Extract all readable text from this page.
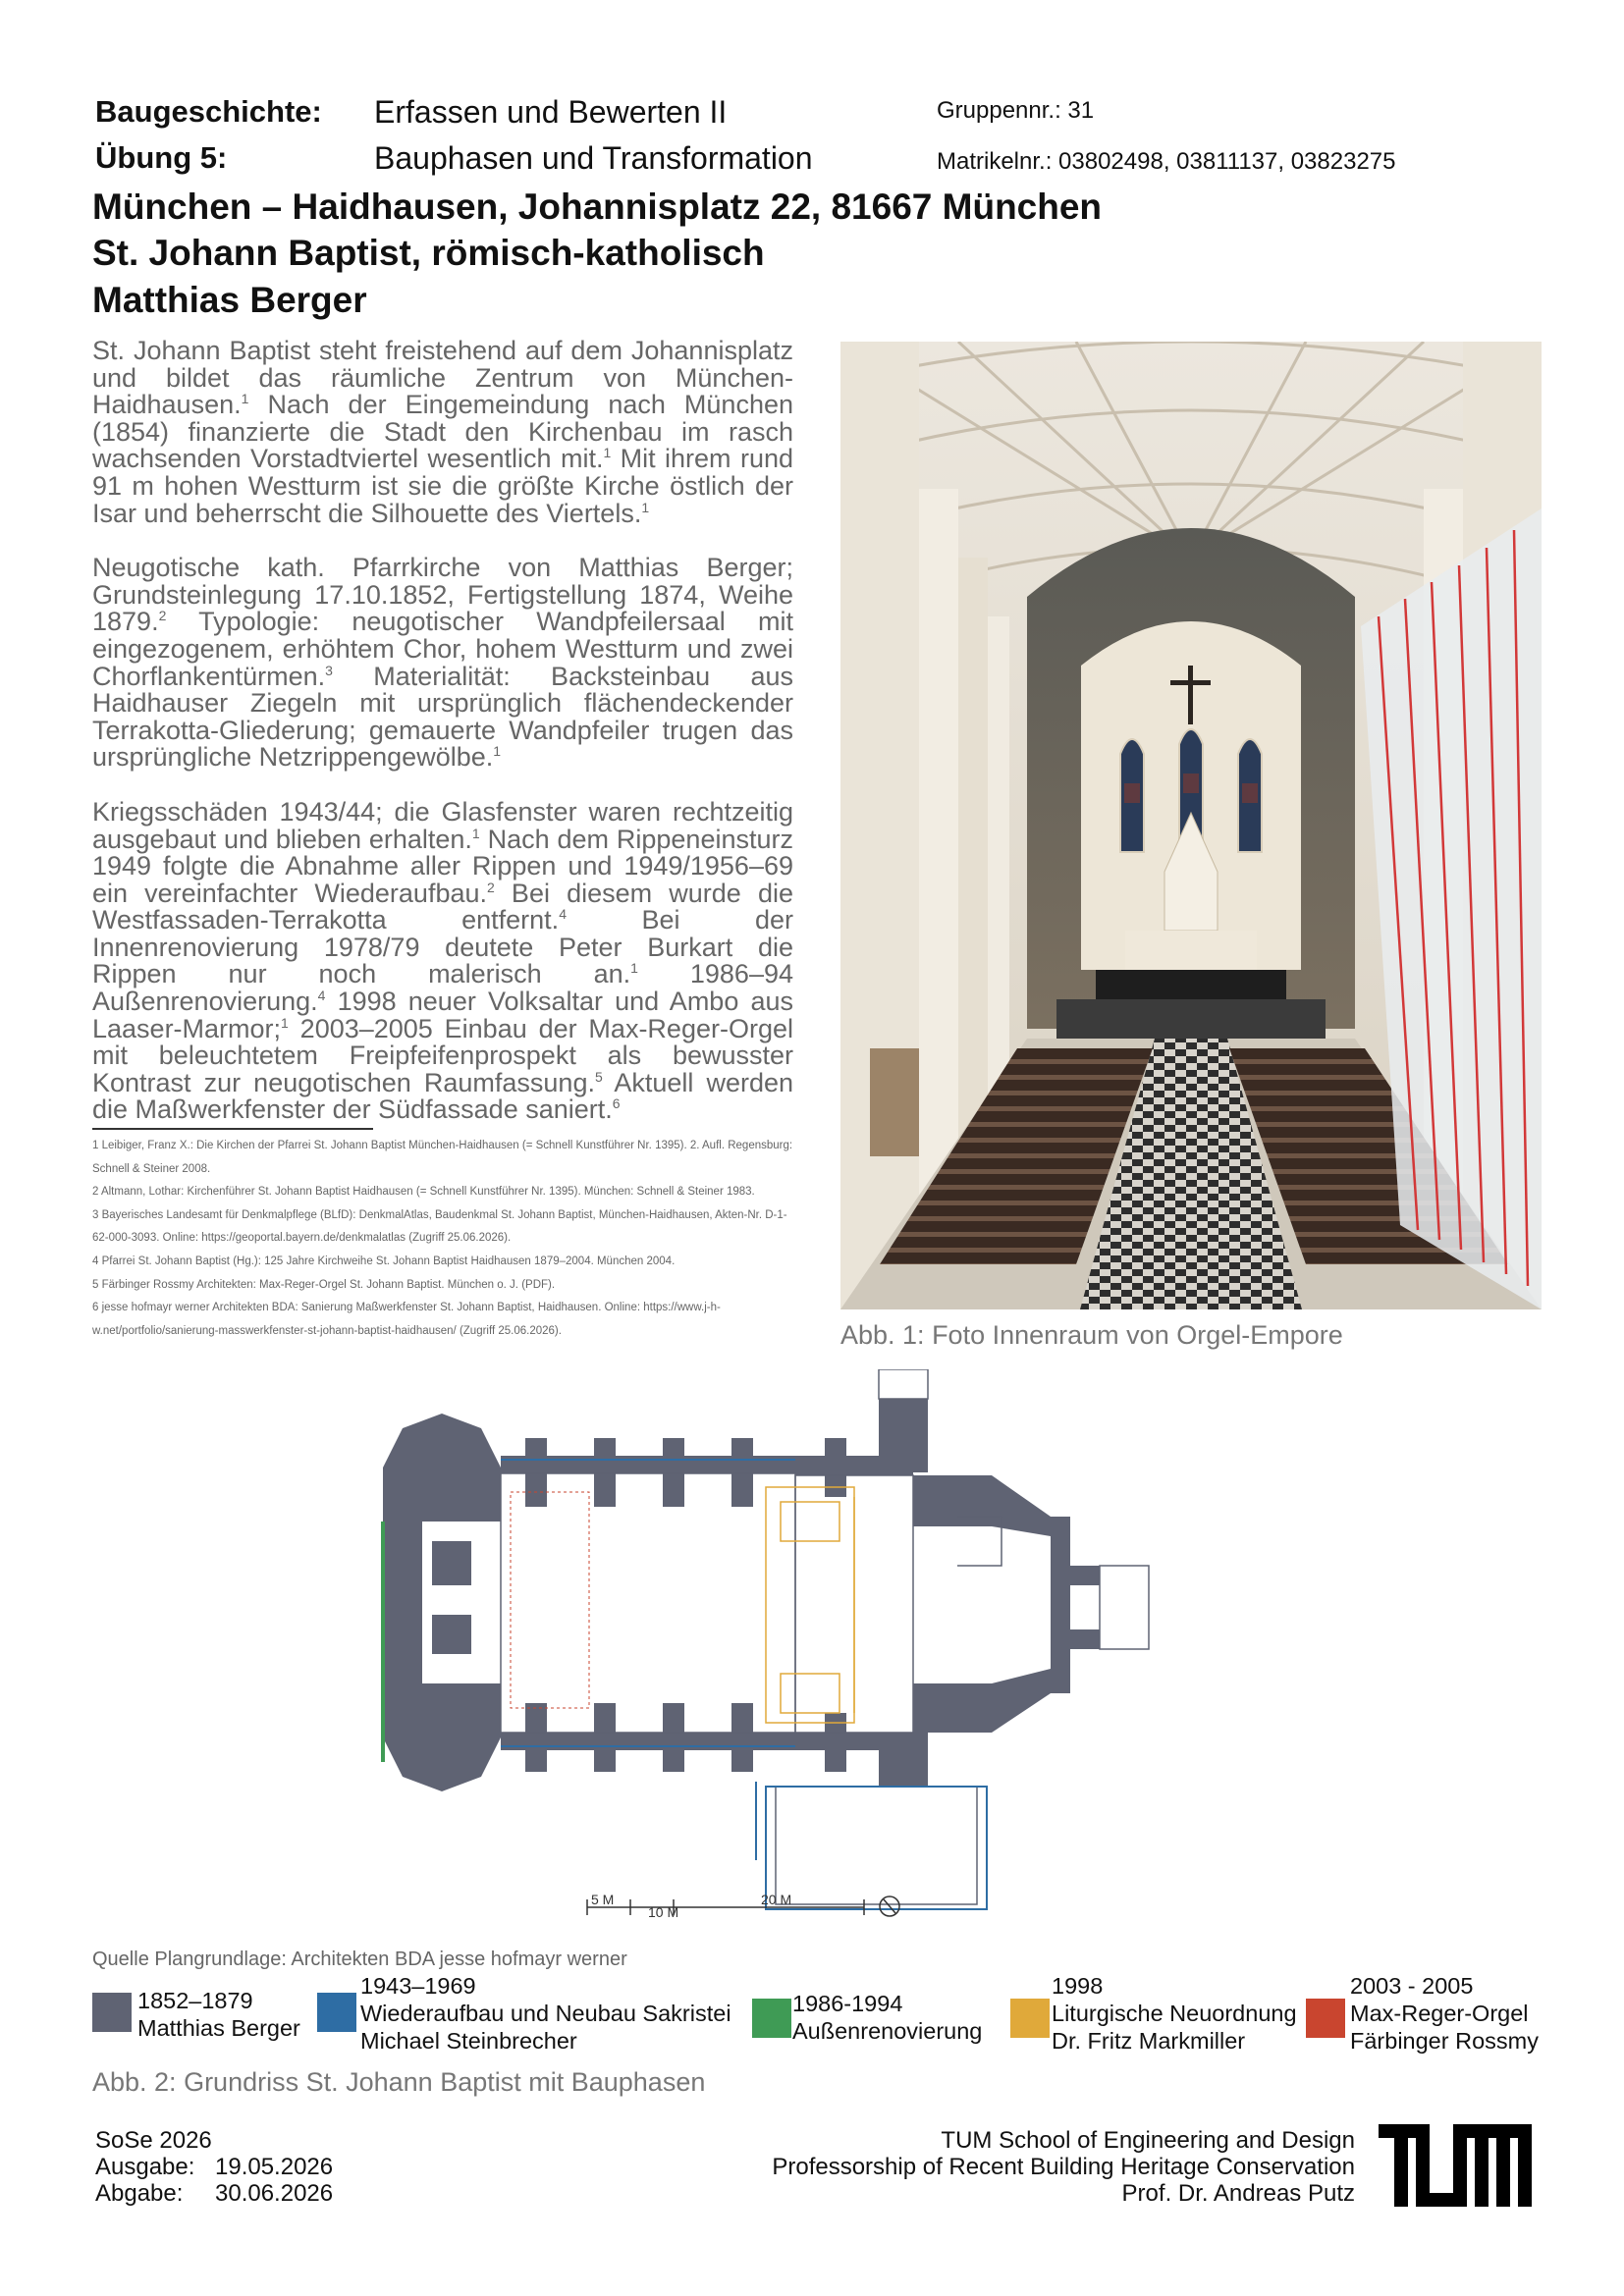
Baugeschichte: Erfassen und Bewerten II
Übung 5:	Bauphasen und Transformation
Gruppennr.: 31
Matrikelnr.: 03802498, 03811137, 03823275
München – Haidhausen, Johannisplatz 22, 81667 München
St. Johann Baptist, römisch-katholisch
Matthias Berger

St. Johann Baptist steht freistehend auf dem Johannisplatz und bildet das räumliche Zentrum von München-Haidhausen.$^1$ Nach der Eingemeindung nach München (1854) finanzierte die Stadt den Kirchenbau im rasch wachsenden Vorstadtviertel wesentlich mit.$^1$ Mit ihrem rund 91 m hohen Westturm ist sie die größte Kirche östlich der Isar und beherrscht die Silhouette des Viertels.$^1$

Neugotische kath. Pfarrkirche von Matthias Berger; Grundsteinlegung 17.10.1852, Fertigstellung 1874, Weihe 1879.$^2$ Typologie: neugotischer Wandpfeilersaal mit eingezogenem, erhöhtem Chor, hohem Westturm und zwei Chorflankentürmen.$^3$ Materialität: Backsteinbau aus Haidhauser Ziegeln mit ursprünglich flächendeckender Terrakotta-Gliederung; gemauerte Wandpfeiler trugen das ursprüngliche Netzrippengewölbe.$^1$

Kriegsschäden 1943/44; die Glasfenster waren rechtzeitig ausgebaut und blieben erhalten.$^1$ Nach dem Rippeneinsturz 1949 folgte die Abnahme aller Rippen und 1949/1956–69 ein vereinfachter Wiederaufbau.$^2$ Bei diesem wurde die Westfassaden-Terrakotta entfernt.$^4$ Bei der Innenrenovierung 1978/79 deutete Peter Burkart die Rippen nur noch malerisch an.$^1$ 1986–94 Außenrenovierung.$^4$ 1998 neuer Volksaltar und Ambo aus Laaser-Marmor;$^1$ 2003–2005 Einbau der Max-Reger-Orgel mit beleuchtetem Freipfeifenprospekt als bewusster Kontrast zur neugotischen Raumfassung.$^5$ Aktuell werden die Maßwerkfenster der Südfassade saniert.$^6$

1 Leibiger, Franz X.: Die Kirchen der Pfarrei St. Johann Baptist München-Haidhausen (= Schnell Kunstführer Nr. 1395). 2. Aufl. Regensburg: Schnell & Steiner 2008.
2 Altmann, Lothar: Kirchenführer St. Johann Baptist Haidhausen (= Schnell Kunstführer Nr. 1395). München: Schnell & Steiner 1983.
3 Bayerisches Landesamt für Denkmalpflege (BLfD): DenkmalAtlas, Baudenkmal St. Johann Baptist, München-Haidhausen, Akten-Nr. D-1-62-000-3093. Online: https://geoportal.bayern.de/denkmalatlas (Zugriff 25.06.2026).
4 Pfarrei St. Johann Baptist (Hg.): 125 Jahre Kirchweihe St. Johann Baptist Haidhausen 1879–2004. München 2004.
5 Färbinger Rossmy Architekten: Max-Reger-Orgel St. Johann Baptist. München o. J. (PDF).
6 jesse hofmayr werner Architekten BDA: Sanierung Maßwerkfenster St. Johann Baptist, Haidhausen. Online: https://www.j-h-w.net/portfolio/sanierung-masswerkfenster-st-johann-baptist-haidhausen/ (Zugriff 25.06.2026).	Abb. 1: Foto Innenraum von Orgel-Empore
5 M
10 M
20 M
Quelle Plangrundlage: Architekten BDA jesse hofmayr werner
1852–1879
Matthias Berger
1943–1969
Wiederaufbau und Neubau Sakristei
Michael Steinbrecher
1986-1994
Außenrenovierung
1998
Liturgische Neuordnung
Dr. Fritz Markmiller
2003 - 2005
Max-Reger-Orgel
Färbinger Rossmy
Abb. 2: Grundriss St. Johann Baptist mit Bauphasen
SoSe 2026
Ausgabe: 19.05.2026
Abgabe: 30.06.2026
TUM School of Engineering and Design
Professorship of Recent Building Heritage Conservation
Prof. Dr. Andreas Putz
